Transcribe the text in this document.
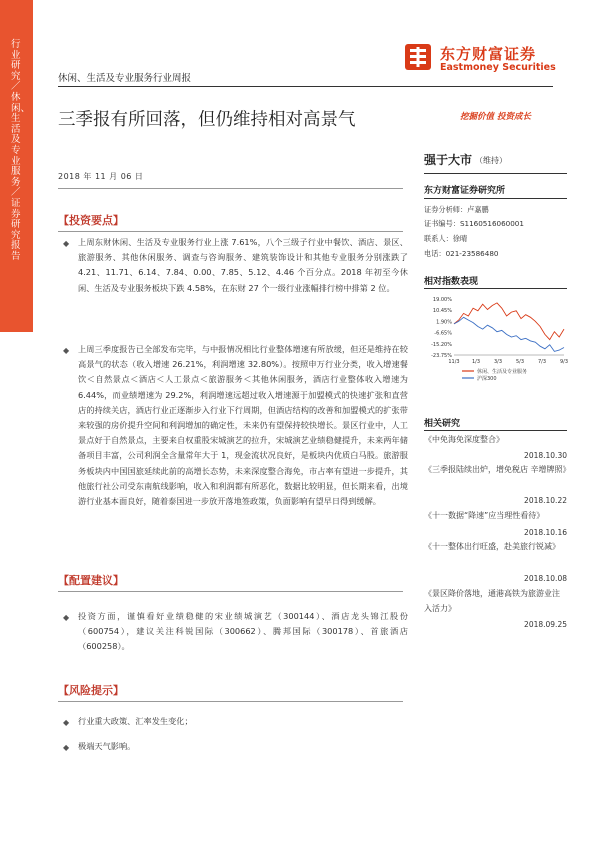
行业研究／休闲、生活及专业服务／证券研究报告
东方财富证券
Eastmoney Securities
休闲、生活及专业服务行业周报
三季报有所回落，但仍维持相对高景气	挖掘价值 投资成长
2018 年 11 月 06 日
【投资要点】
◆ 上周东财休闲、生活及专业服务行业上涨 7.61%，八个三级子行业中餐饮、酒店、景区、旅游服务、其他休闲服务、调查与咨询服务、建筑装饰设计和其他专业服务分别涨跌了 4.21、11.71、6.14、7.84、0.00、7.85、5.12、4.46 个百分点。2018 年初至今休闲、生活及专业服务板块下跌 4.58%，在东财 27 个一级行业涨幅排行榜中排第 2 位。
◆ 上周三季度报告已全部发布完毕，与中报情况相比行业整体增速有所放缓，但还是维持在较高景气的状态（收入增速 26.21%，利润增速 32.80%）。按照申万行业分类，收入增速餐饮＜自然景点＜酒店＜人工景点＜旅游服务＜其他休闲服务，酒店行业整体收入增速为 6.44%，而业绩增速为 29.2%，利润增速远超过收入增速源于加盟模式的快速扩张和直营店的持续关店，酒店行业正逐渐步入行业下行周期，但酒店结构的改善和加盟模式的扩张带来较强的房价提升空间和利润增加的确定性，未来仍有望保持较快增长。景区行业中，人工景点好于自然景点，主要来自权重股宋城演艺的拉升，宋城演艺业绩稳健提升，未来两年储备项目丰富，公司利润全含量常年大于 1，现金流状况良好，是板块内优质白马股。旅游服务板块内中国国旅延续此前的高增长态势，未来深度整合海免，市占率有望进一步提升，其他旅行社公司受东南航线影响，收入和利润都有所恶化，数据比较明显，但长期来看，出境游行业基本面良好，随着泰国进一步放开落地签政策，负面影响有望早日得到缓解。
【配置建议】
◆ 投资方面，谨慎看好业绩稳健的宋业绩城演艺（300144）、酒店龙头锦江股份（600754），建议关注科锐国际（300662）、腾邦国际（300178）、首旅酒店（600258）。
【风险提示】
◆ 行业重大政策、汇率发生变化；
◆ 极端天气影响。
强于大市 （维持）
东方财富证券研究所
证券分析师：卢嘉鹏
证书编号：S1160516060001
联系人：徐晴
电话：021-23586480
相对指数表现
19.00%
10.45%
1.90%
-6.65%
-15.20%
-23.75%
11/3 1/3	3/3	5/3	7/3	9/3
休闲、生活及专业服务
沪深300
相关研究
《中免海免深度整合》
2018.10.30
《三季报陆续出炉，增免税店 辛增牌照》
2018.10.22
《十一数据“降速”应当理性看待》
2018.10.16
《十一整体出行旺盛，赴美旅行锐减》
2018.10.08
《景区降价落地，通港高铁为旅游业注入活力》
2018.09.25
